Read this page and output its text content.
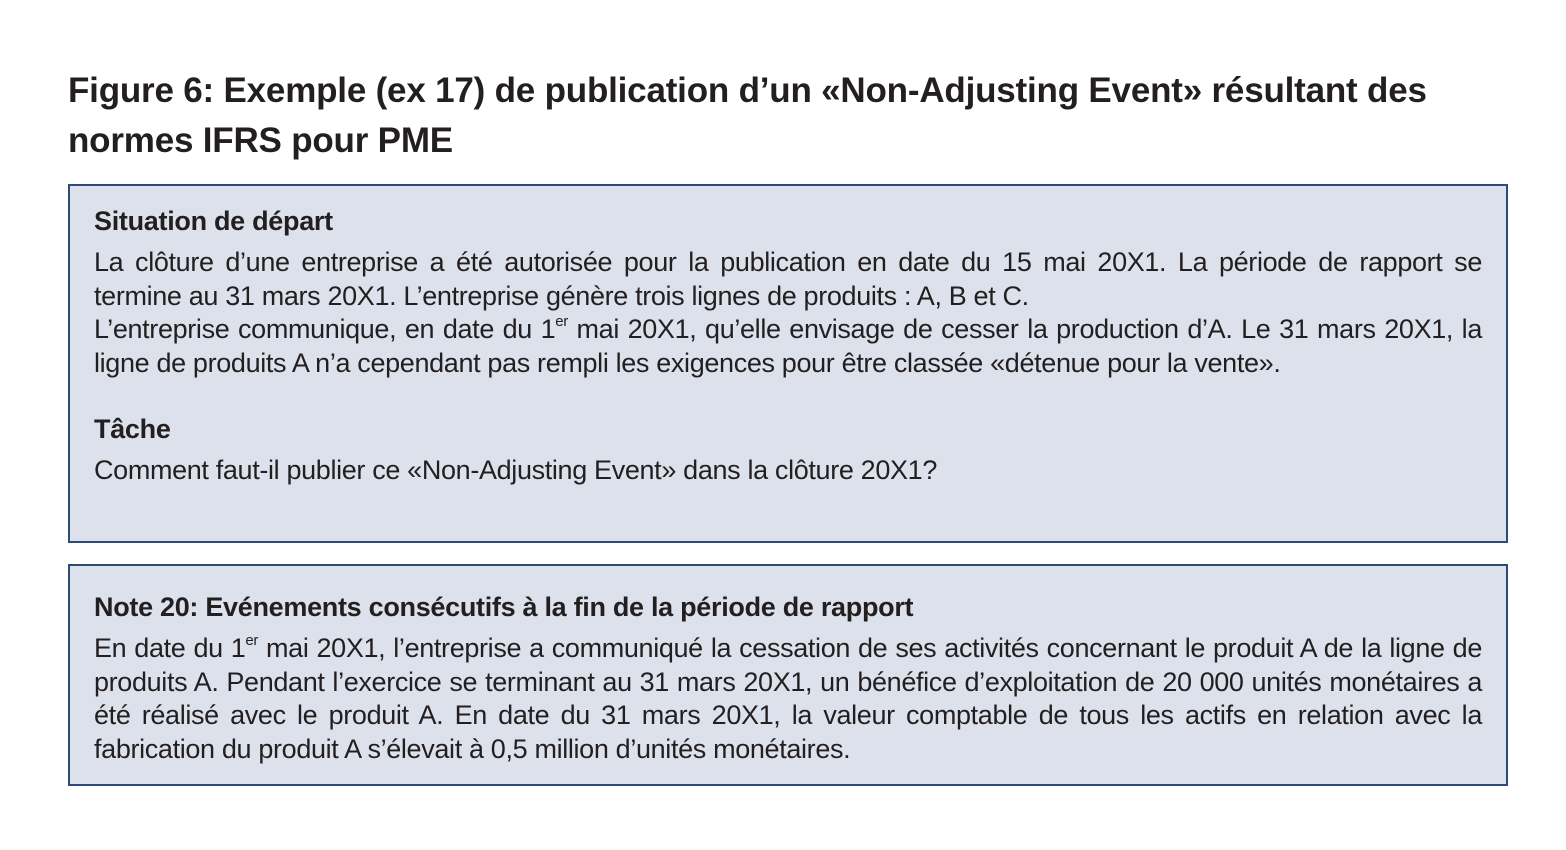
Figure 6: Exemple (ex 17) de publication d’un «Non-Adjusting Event» résultant des normes IFRS pour PME
Situation de départ

La clôture d’une entreprise a été autorisée pour la publication en date du 15 mai 20X1. La période de rapport se termine au 31 mars 20X1. L’entreprise génère trois lignes de produits : A, B et C.

L’entreprise communique, en date du 1er mai 20X1, qu’elle envisage de cesser la production d’A. Le 31 mars 20X1, la ligne de produits A n’a cependant pas rempli les exigences pour être classée «détenue pour la vente».

Tâche

Comment faut-il publier ce «Non-Adjusting Event» dans la clôture 20X1?

Note 20: Evénements consécutifs à la fin de la période de rapport

En date du 1er mai 20X1, l’entreprise a communiqué la cessation de ses activités concernant le produit A de la ligne de produits A. Pendant l’exercice se terminant au 31 mars 20X1, un bénéfice d’exploitation de 20 000 unités monétaires a été réalisé avec le produit A. En date du 31 mars 20X1, la valeur comptable de tous les actifs en relation avec la fabrication du produit A s’élevait à 0,5 million d’unités monétaires.
